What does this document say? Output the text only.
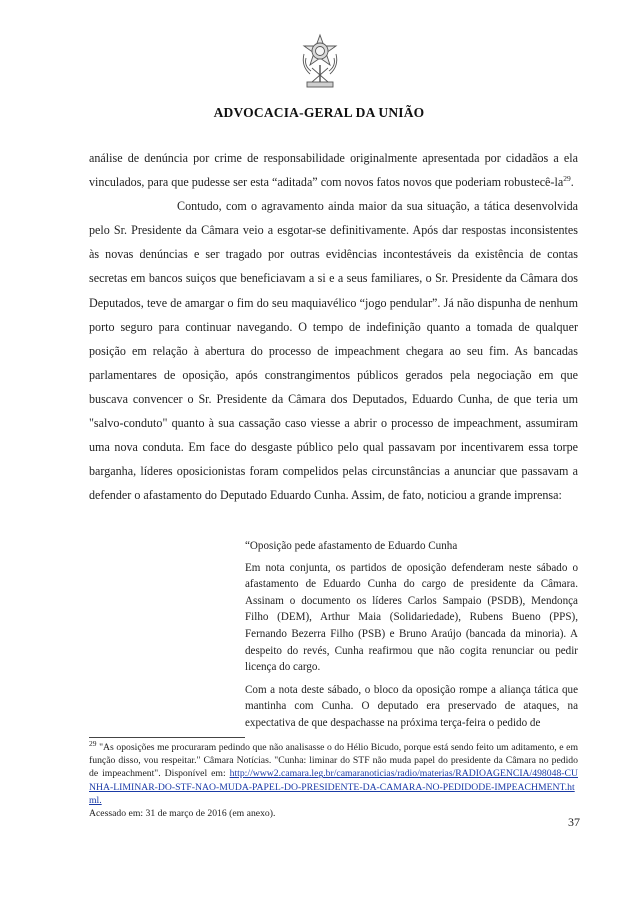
ADVOCACIA-GERAL DA UNIÃO

análise de denúncia por crime de responsabilidade originalmente apresentada por cidadãos a ela vinculados, para que pudesse ser esta “aditada” com novos fatos novos que poderiam robustecê-$la^{29}$.

Contudo, com o agravamento ainda maior da sua situação, a tática desenvolvida pelo Sr. Presidente da Câmara veio a esgotar-se definitivamente. Após dar respostas inconsistentes às novas denúncias e ser tragado por outras evidências incontestáveis da existência de contas secretas em bancos suiços que beneficiavam a si e a seus familiares, o Sr. Presidente da Câmara dos Deputados, teve de amargar o fim do seu maquiavélico “jogo pendular”. Já não dispunha de nenhum porto seguro para continuar navegando. O tempo de indefinição quanto a tomada de qualquer posição em relação à abertura do processo de impeachment chegara ao seu fim. As bancadas parlamentares de oposição, após constrangimentos públicos gerados pela negociação em que buscava convencer o Sr. Presidente da Câmara dos Deputados, Eduardo Cunha, de que teria um "salvo-conduto" quanto à sua cassação caso viesse a abrir o processo de impeachment, assumiram uma nova conduta. Em face do desgaste público pelo qual passavam por incentivarem essa torpe barganha, líderes oposicionistas foram compelidos pelas circunstâncias a anunciar que passavam a defender o afastamento do Deputado Eduardo Cunha. Assim, de fato, noticiou a grande imprensa:

“Oposição pede afastamento de Eduardo Cunha

Em nota conjunta, os partidos de oposição defenderam neste sábado o afastamento de Eduardo Cunha do cargo de presidente da Câmara. Assinam o documento os líderes Carlos Sampaio (PSDB), Mendonça Filho (DEM), Arthur Maia (Solidariedade), Rubens Bueno (PPS), Fernando Bezerra Filho (PSB) e Bruno Araújo (bancada da minoria). A despeito do revés, Cunha reafirmou que não cogita renunciar ou pedir licença do cargo.

Com a nota deste sábado, o bloco da oposição rompe a aliança tática que mantinha com Cunha. O deputado era preservado de ataques, na expectativa de que despachasse na próxima terça-feira o pedido de

$^{29}$ "As oposições me procuraram pedindo que não analisasse o do Hélio Bicudo, porque está sendo feito um aditamento, e em função disso, vou respeitar." Câmara Notícias. "Cunha: liminar do STF não muda papel do presidente da Câmara no pedido de impeachment". Disponível em: http://www2.camara.leg.br/camaranoticias/radio/materias/RADIOAGENCIA/498048-CUNHA-LIMINAR-DO-STF-NAO-MUDA-PAPEL-DO-PRESIDENTE-DA-CAMARA-NO-PEDIDODE-IMPEACHMENT.html.
Acessado em: 31 de março de 2016 (em anexo).
37
